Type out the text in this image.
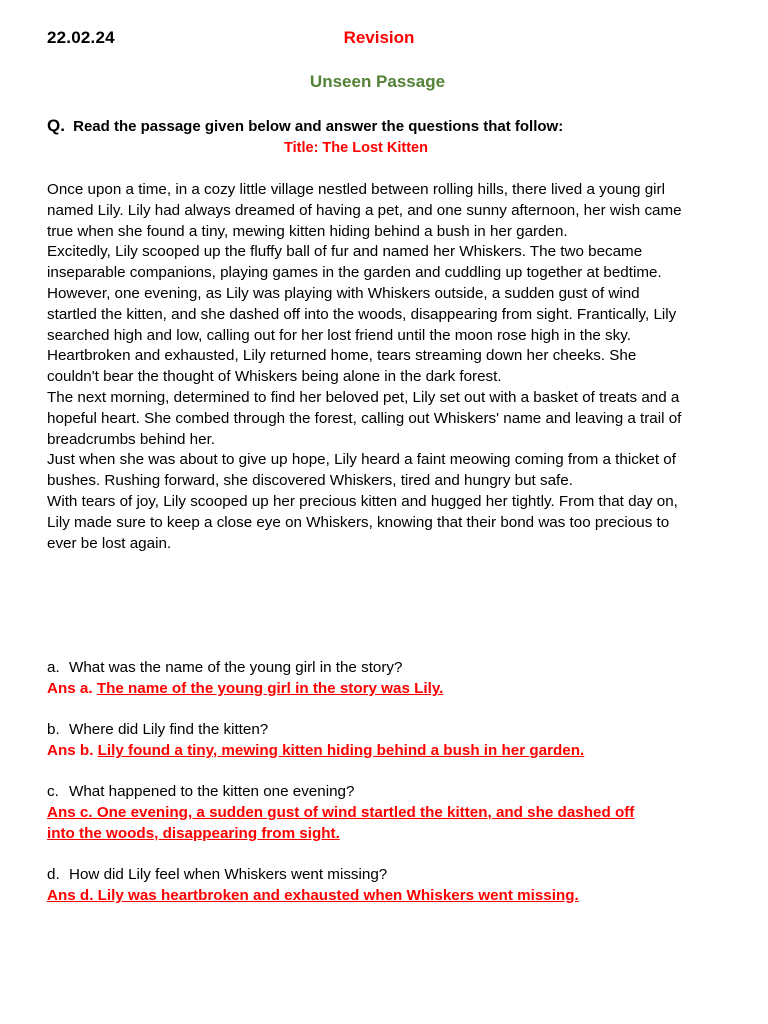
22.02.24	Revision
Unseen Passage
Q. Read the passage given below and answer the questions that follow:
Title: The Lost Kitten

Once upon a time, in a cozy little village nestled between rolling hills, there lived a young girl named Lily. Lily had always dreamed of having a pet, and one sunny afternoon, her wish came true when she found a tiny, mewing kitten hiding behind a bush in her garden.

Excitedly, Lily scooped up the fluffy ball of fur and named her Whiskers. The two became inseparable companions, playing games in the garden and cuddling up together at bedtime.

However, one evening, as Lily was playing with Whiskers outside, a sudden gust of wind startled the kitten, and she dashed off into the woods, disappearing from sight. Frantically, Lily searched high and low, calling out for her lost friend until the moon rose high in the sky.

Heartbroken and exhausted, Lily returned home, tears streaming down her cheeks. She couldn't bear the thought of Whiskers being alone in the dark forest.

The next morning, determined to find her beloved pet, Lily set out with a basket of treats and a hopeful heart. She combed through the forest, calling out Whiskers' name and leaving a trail of breadcrumbs behind her.

Just when she was about to give up hope, Lily heard a faint meowing coming from a thicket of bushes. Rushing forward, she discovered Whiskers, tired and hungry but safe.

With tears of joy, Lily scooped up her precious kitten and hugged her tightly. From that day on, Lily made sure to keep a close eye on Whiskers, knowing that their bond was too precious to ever be lost again.

a. What was the name of the young girl in the story?

Ans a. The name of the young girl in the story was Lily.

b. Where did Lily find the kitten?

Ans b. Lily found a tiny, mewing kitten hiding behind a bush in her garden.

c. What happened to the kitten one evening?

Ans c. One evening, a sudden gust of wind startled the kitten, and she dashed off into the woods, disappearing from sight.

d. How did Lily feel when Whiskers went missing?

Ans d. Lily was heartbroken and exhausted when Whiskers went missing.
